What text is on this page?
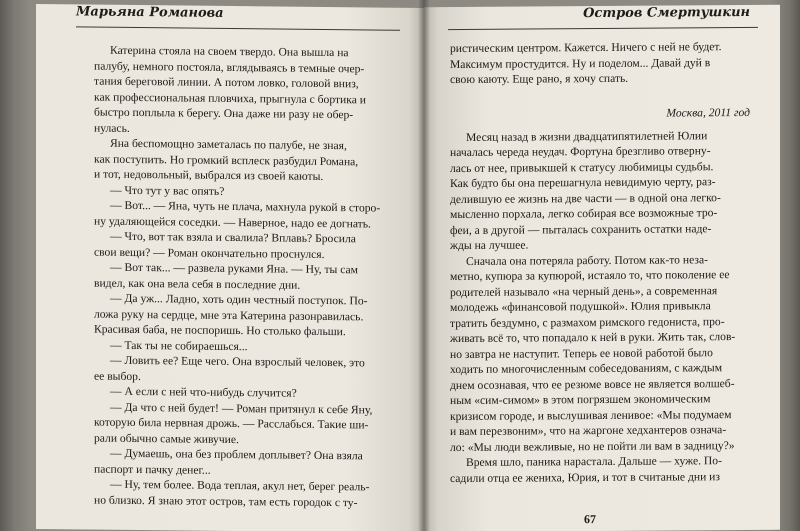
Марьяна Романова
Катерина стояла на своем твердо. Она вышла на
палубу, немного постояла, вглядываясь в темные очер-
тания береговой линии. А потом ловко, головой вниз,
как профессиональная пловчиха, прыгнула с бортика и
быстро поплыла к берегу. Она даже ни разу не обер-
нулась.
Яна беспомощно заметалась по палубе, не зная,
как поступить. Но громкий всплеск разбудил Романа,
и тот, недовольный, выбрался из своей каюты.
— Что тут у вас опять?
— Вот... — Яна, чуть не плача, махнула рукой в сторо-
ну удаляющейся соседки. — Наверное, надо ее догнать.
— Что, вот так взяла и свалила? Вплавь? Бросила
свои вещи? — Роман окончательно проснулся.
— Вот так... — развела руками Яна. — Ну, ты сам
видел, как она вела себя в последние дни.
— Да уж... Ладно, хоть один честный поступок. По-
ложа руку на сердце, мне эта Катерина разонравилась.
Красивая баба, не поспоришь. Но столько фальши.
— Так ты не собираешься...
— Ловить ее? Еще чего. Она взрослый человек, это
ее выбор.
— А если с ней что-нибудь случится?
— Да что с ней будет! — Роман притянул к себе Яну,
которую била нервная дрожь. — Расслабься. Такие ши-
рали обычно самые живучие.
— Думаешь, она без проблем доплывет? Она взяла
паспорт и пачку денег...
— Ну, тем более. Вода теплая, акул нет, берег реаль-
но близко. Я знаю этот остров, там есть городок с ту-
Остров Смертушкин
ристическим центром. Кажется. Ничего с ней не будет.
Максимум простудится. Ну и поделом... Давай дуй в
свою каюту. Еще рано, я хочу спать.
Москва, 2011 год
Месяц назад в жизни двадцатипятилетней Юлии
началась череда неудач. Фортуна брезгливо отверну-
лась от нее, привыкшей к статусу любимицы судьбы.
Как будто бы она перешагнула невидимую черту, раз-
делившую ее жизнь на две части — в одной она легко-
мысленно порхала, легко собирая все возможные тро-
феи, а в другой — пыталась сохранить остатки наде-
жды на лучшее.
Сначала она потеряла работу. Потом как-то неза-
метно, купюра за купюрой, истаяло то, что поколение ее
родителей называло «на черный день», а современная
молодежь «финансовой подушкой». Юлия привыкла
тратить бездумно, с размахом римского гедониста, про-
живать всё то, что попадало к ней в руки. Жить так, слов-
но завтра не наступит. Теперь ее новой работой было
ходить по многочисленным собеседованиям, с каждым
днем осознавая, что ее резюме вовсе не является волшеб-
ным «сим-симом» в этом погрязшем экономическим
кризисом городе, и выслушивая ленивое: «Мы подумаем
и вам перезвоним», что на жаргоне хедхантеров означа-
ло: «Мы люди вежливые, но не пойти ли вам в задницу?»
Время шло, паника нарастала. Дальше — хуже. По-
садили отца ее жениха, Юрия, и тот в считаные дни из
67
